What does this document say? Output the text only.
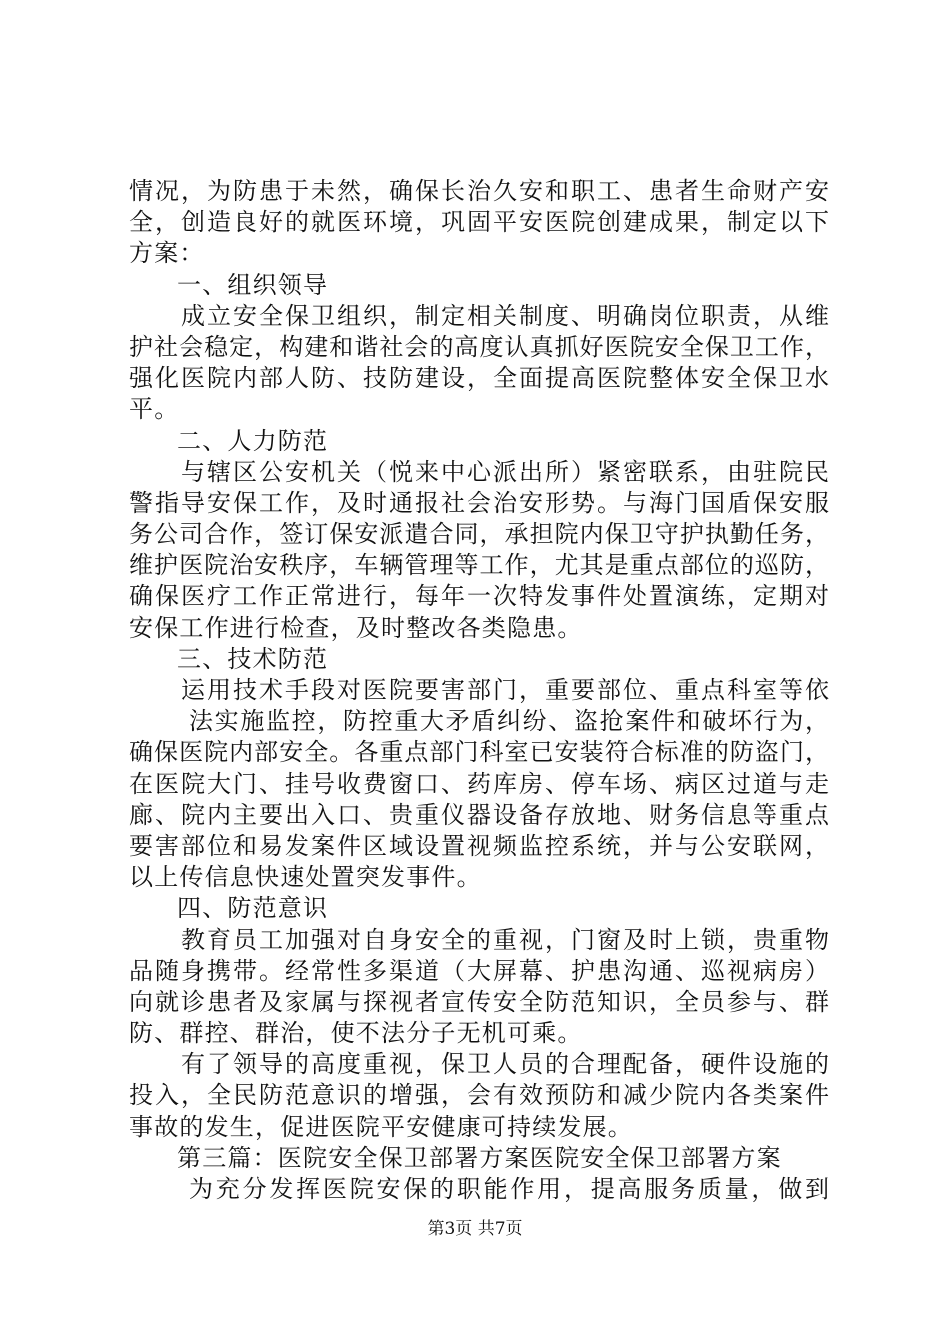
情况，为防患于未然，确保长治久安和职工、患者生命财产安
全，创造良好的就医环境，巩固平安医院创建成果，制定以下
方案：
一、组织领导
成立安全保卫组织，制定相关制度、明确岗位职责，从维
护社会稳定，构建和谐社会的高度认真抓好医院安全保卫工作，
强化医院内部人防、技防建设，全面提高医院整体安全保卫水
平。
二、人力防范
与辖区公安机关（悦来中心派出所）紧密联系，由驻院民
警指导安保工作，及时通报社会治安形势。与海门国盾保安服
务公司合作，签订保安派遣合同，承担院内保卫守护执勤任务，
维护医院治安秩序，车辆管理等工作，尤其是重点部位的巡防，
确保医疗工作正常进行，每年一次特发事件处置演练，定期对
安保工作进行检查，及时整改各类隐患。
三、技术防范
运用技术手段对医院要害部门，重要部位、重点科室等依
法实施监控，防控重大矛盾纠纷、盗抢案件和破坏行为，
确保医院内部安全。各重点部门科室已安装符合标准的防盗门，
在医院大门、挂号收费窗口、药库房、停车场、病区过道与走
廊、院内主要出入口、贵重仪器设备存放地、财务信息等重点
要害部位和易发案件区域设置视频监控系统，并与公安联网，
以上传信息快速处置突发事件。
四、防范意识
教育员工加强对自身安全的重视，门窗及时上锁，贵重物
品随身携带。经常性多渠道（大屏幕、护患沟通、巡视病房）
向就诊患者及家属与探视者宣传安全防范知识，全员参与、群
防、群控、群治，使不法分子无机可乘。
有了领导的高度重视，保卫人员的合理配备，硬件设施的
投入，全民防范意识的增强，会有效预防和减少院内各类案件
事故的发生，促进医院平安健康可持续发展。
第三篇：医院安全保卫部署方案医院安全保卫部署方案
为充分发挥医院安保的职能作用，提高服务质量，做到
第3页 共7页
